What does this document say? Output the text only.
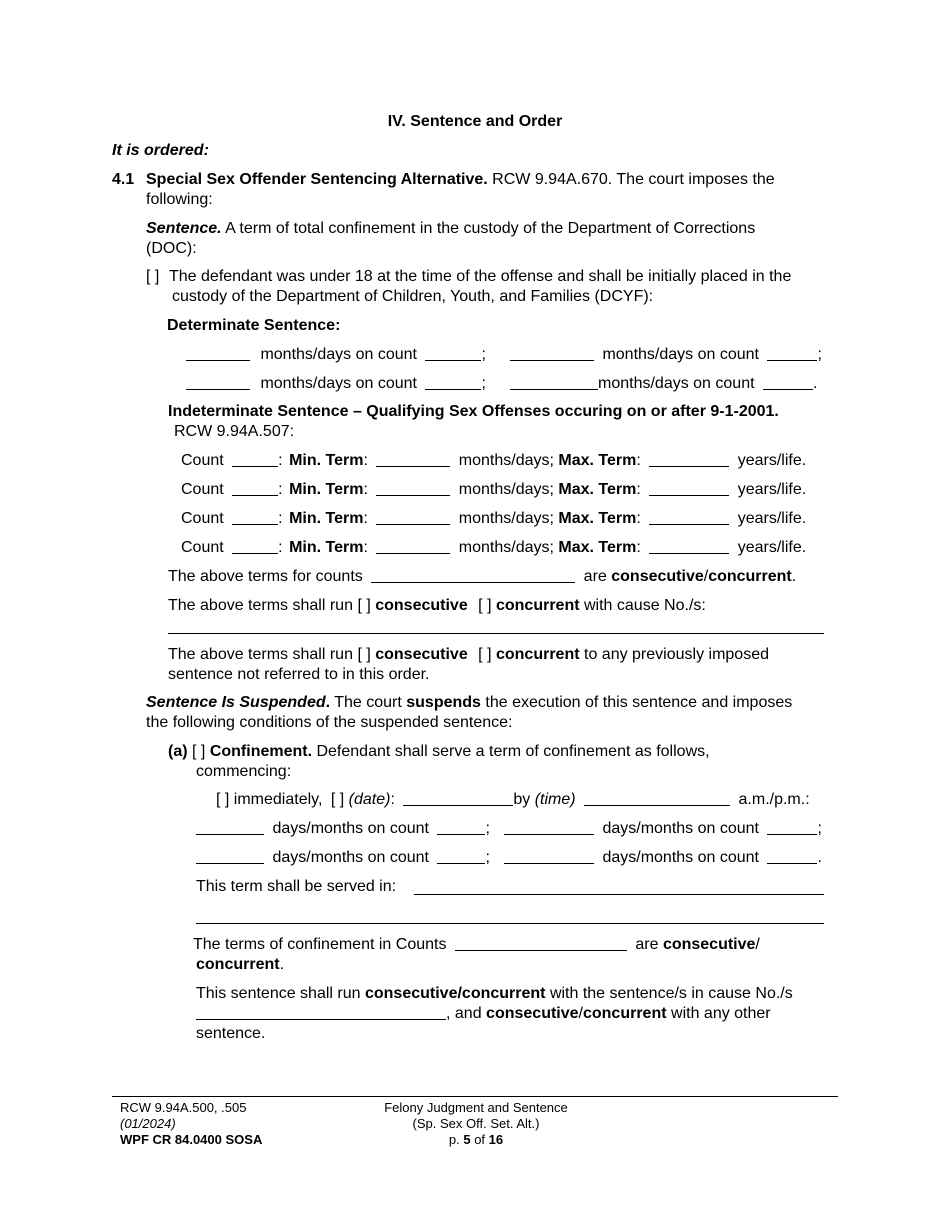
IV. Sentence and Order
It is ordered:
4.1 Special Sex Offender Sentencing Alternative. RCW 9.94A.670. The court imposes the
following:
Sentence. A term of total confinement in the custody of the Department of Corrections
(DOC):
[ ] The defendant was under 18 at the time of the offense and shall be initially placed in the
custody of the Department of Children, Youth, and Families (DCYF):
Determinate Sentence:
months/days on count	;	months/days on count	;
months/days on count	;	months/days on count	.
Indeterminate Sentence – Qualifying Sex Offenses occuring on or after 9-1-2001.
RCW 9.94A.507:
Count	: Min. Term:	months/days; Max. Term:	years/life.
Count	: Min. Term:	months/days; Max. Term:	years/life.
Count	: Min. Term:	months/days; Max. Term:	years/life.
Count	: Min. Term:	months/days; Max. Term:	years/life.
The above terms for counts	are consecutive/concurrent.
The above terms shall run [ ] consecutive [ ] concurrent with cause No./s:
The above terms shall run [ ] consecutive [ ] concurrent to any previously imposed
sentence not referred to in this order.
Sentence Is Suspended. The court suspends the execution of this sentence and imposes
the following conditions of the suspended sentence:
(a) [ ] Confinement. Defendant shall serve a term of confinement as follows,
commencing:
[ ] immediately, [ ] (date):	by (time)	a.m./p.m.:
days/months on count	;	days/months on count	;
days/months on count	;	days/months on count	.
This term shall be served in:
The terms of confinement in Counts	are consecutive/
concurrent.
This sentence shall run consecutive/concurrent with the sentence/s in cause No./s
, and consecutive/concurrent with any other
sentence.
RCW 9.94A.500, .505
(01/2024)
WPF CR 84.0400 SOSA
Felony Judgment and Sentence
(Sp. Sex Off. Set. Alt.)
p. 5 of 16
